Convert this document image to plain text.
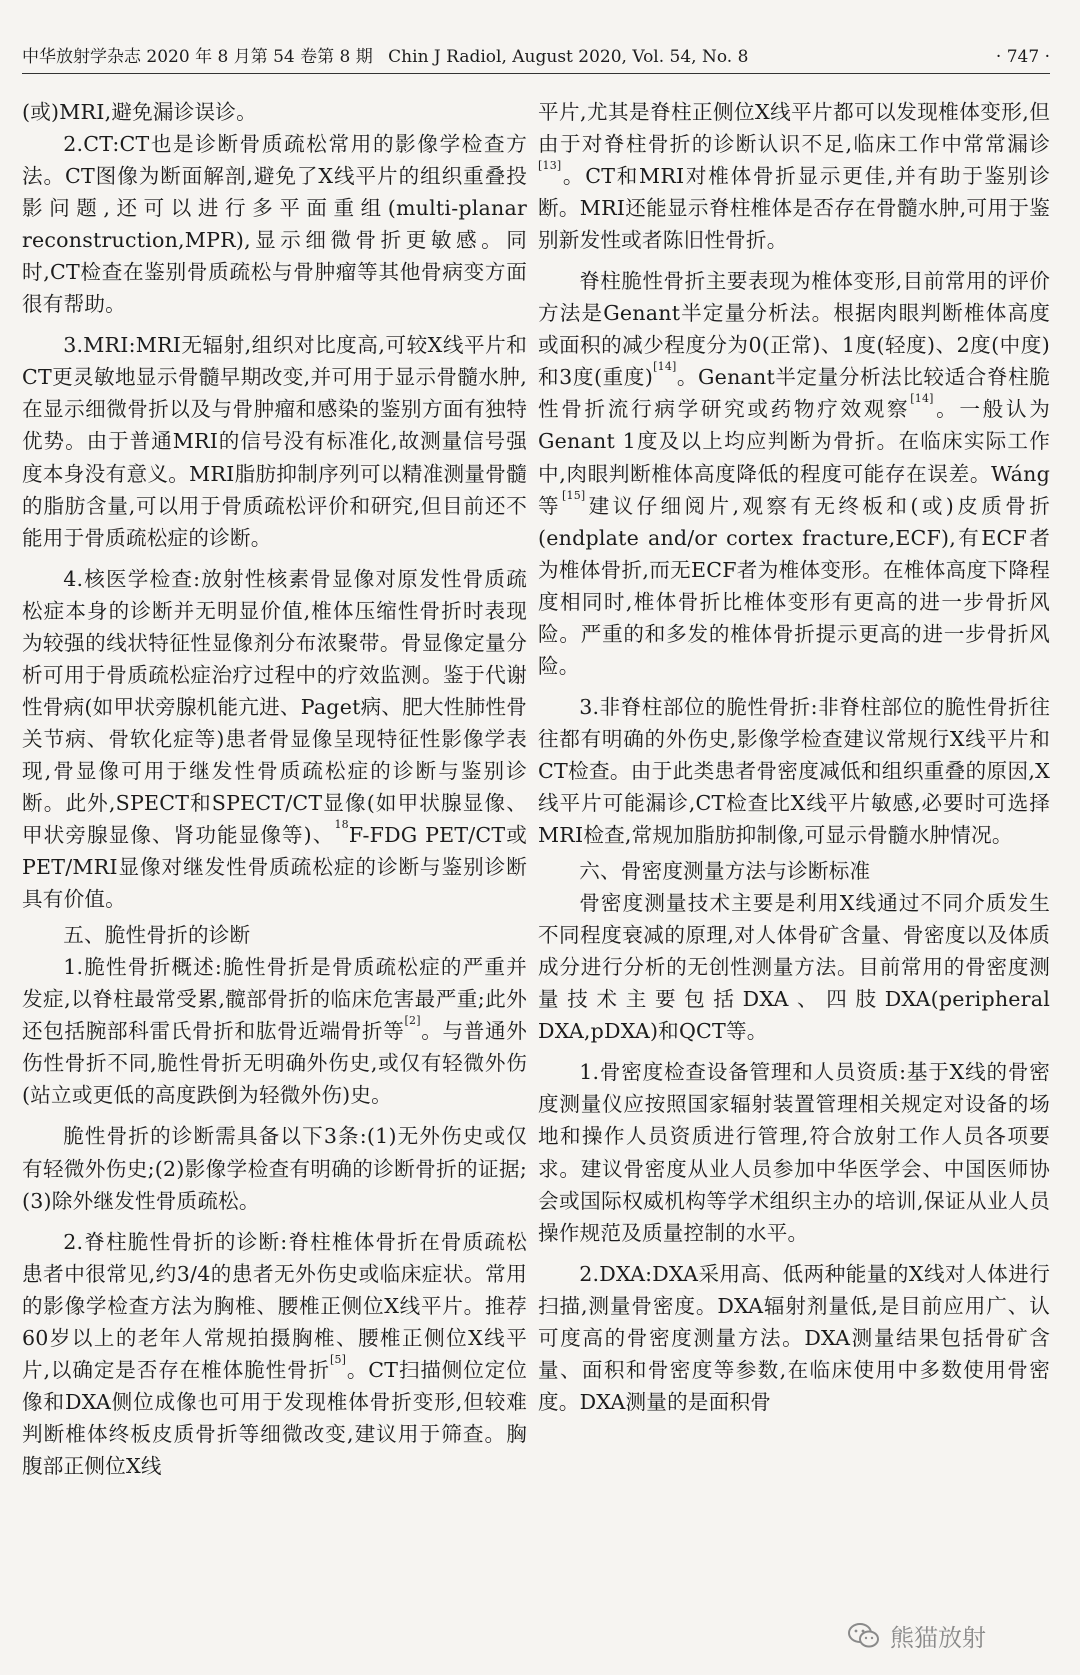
中华放射学杂志 2020 年 8 月第 54 卷第 8 期 Chin J Radiol, August 2020, Vol. 54, No. 8	· 747 ·

(或)MRI,避免漏诊误诊。

2.CT:CT也是诊断骨质疏松常用的影像学检查方法。CT图像为断面解剖,避免了X线平片的组织重叠投影问题,还可以进行多平面重组(multi-planar reconstruction,MPR),显示细微骨折更敏感。同时,CT检查在鉴别骨质疏松与骨肿瘤等其他骨病变方面很有帮助。

3.MRI:MRI无辐射,组织对比度高,可较X线平片和CT更灵敏地显示骨髓早期改变,并可用于显示骨髓水肿,在显示细微骨折以及与骨肿瘤和感染的鉴别方面有独特优势。由于普通MRI的信号没有标准化,故测量信号强度本身没有意义。MRI脂肪抑制序列可以精准测量骨髓的脂肪含量,可以用于骨质疏松评价和研究,但目前还不能用于骨质疏松症的诊断。

4.核医学检查:放射性核素骨显像对原发性骨质疏松症本身的诊断并无明显价值,椎体压缩性骨折时表现为较强的线状特征性显像剂分布浓聚带。骨显像定量分析可用于骨质疏松症治疗过程中的疗效监测。鉴于代谢性骨病(如甲状旁腺机能亢进、Paget病、肥大性肺性骨关节病、骨软化症等)患者骨显像呈现特征性影像学表现,骨显像可用于继发性骨质疏松症的诊断与鉴别诊断。此外,SPECT和SPECT/CT显像(如甲状腺显像、甲状旁腺显像、肾功能显像等)、$^{18}$F-FDG PET/CT或PET/MRI显像对继发性骨质疏松症的诊断与鉴别诊断具有价值。

五、脆性骨折的诊断

1.脆性骨折概述:脆性骨折是骨质疏松症的严重并发症,以脊柱最常受累,髋部骨折的临床危害最严重;此外还包括腕部科雷氏骨折和肱骨近端骨折等[2]。与普通外伤性骨折不同,脆性骨折无明确外伤史,或仅有轻微外伤(站立或更低的高度跌倒为轻微外伤)史。

脆性骨折的诊断需具备以下3条:(1)无外伤史或仅有轻微外伤史;(2)影像学检查有明确的诊断骨折的证据;(3)除外继发性骨质疏松。

2.脊柱脆性骨折的诊断:脊柱椎体骨折在骨质疏松患者中很常见,约3/4的患者无外伤史或临床症状。常用的影像学检查方法为胸椎、腰椎正侧位X线平片。推荐60岁以上的老年人常规拍摄胸椎、腰椎正侧位X线平片,以确定是否存在椎体脆性骨折[5]。CT扫描侧位定位像和DXA侧位成像也可用于发现椎体骨折变形,但较难判断椎体终板皮质骨折等细微改变,建议用于筛查。胸腹部正侧位X线

平片,尤其是脊柱正侧位X线平片都可以发现椎体变形,但由于对脊柱骨折的诊断认识不足,临床工作中常常漏诊[13]。CT和MRI对椎体骨折显示更佳,并有助于鉴别诊断。MRI还能显示脊柱椎体是否存在骨髓水肿,可用于鉴别新发性或者陈旧性骨折。

脊柱脆性骨折主要表现为椎体变形,目前常用的评价方法是Genant半定量分析法。根据肉眼判断椎体高度或面积的减少程度分为0(正常)、1度(轻度)、2度(中度)和3度(重度)[14]。Genant半定量分析法比较适合脊柱脆性骨折流行病学研究或药物疗效观察[14]。一般认为Genant 1度及以上均应判断为骨折。在临床实际工作中,肉眼判断椎体高度降低的程度可能存在误差。Wáng等[15]建议仔细阅片,观察有无终板和(或)皮质骨折(endplate and/or cortex fracture,ECF),有ECF者为椎体骨折,而无ECF者为椎体变形。在椎体高度下降程度相同时,椎体骨折比椎体变形有更高的进一步骨折风险。严重的和多发的椎体骨折提示更高的进一步骨折风险。

3.非脊柱部位的脆性骨折:非脊柱部位的脆性骨折往往都有明确的外伤史,影像学检查建议常规行X线平片和CT检查。由于此类患者骨密度减低和组织重叠的原因,X线平片可能漏诊,CT检查比X线平片敏感,必要时可选择MRI检查,常规加脂肪抑制像,可显示骨髓水肿情况。

六、骨密度测量方法与诊断标准

骨密度测量技术主要是利用X线通过不同介质发生不同程度衰减的原理,对人体骨矿含量、骨密度以及体质成分进行分析的无创性测量方法。目前常用的骨密度测量技术主要包括DXA、四肢DXA(peripheral DXA,pDXA)和QCT等。

1.骨密度检查设备管理和人员资质:基于X线的骨密度测量仪应按照国家辐射装置管理相关规定对设备的场地和操作人员资质进行管理,符合放射工作人员各项要求。建议骨密度从业人员参加中华医学会、中国医师协会或国际权威机构等学术组织主办的培训,保证从业人员操作规范及质量控制的水平。

2.DXA:DXA采用高、低两种能量的X线对人体进行扫描,测量骨密度。DXA辐射剂量低,是目前应用广、认可度高的骨密度测量方法。DXA测量结果包括骨矿含量、面积和骨密度等参数,在临床使用中多数使用骨密度。DXA测量的是面积骨

熊猫放射
